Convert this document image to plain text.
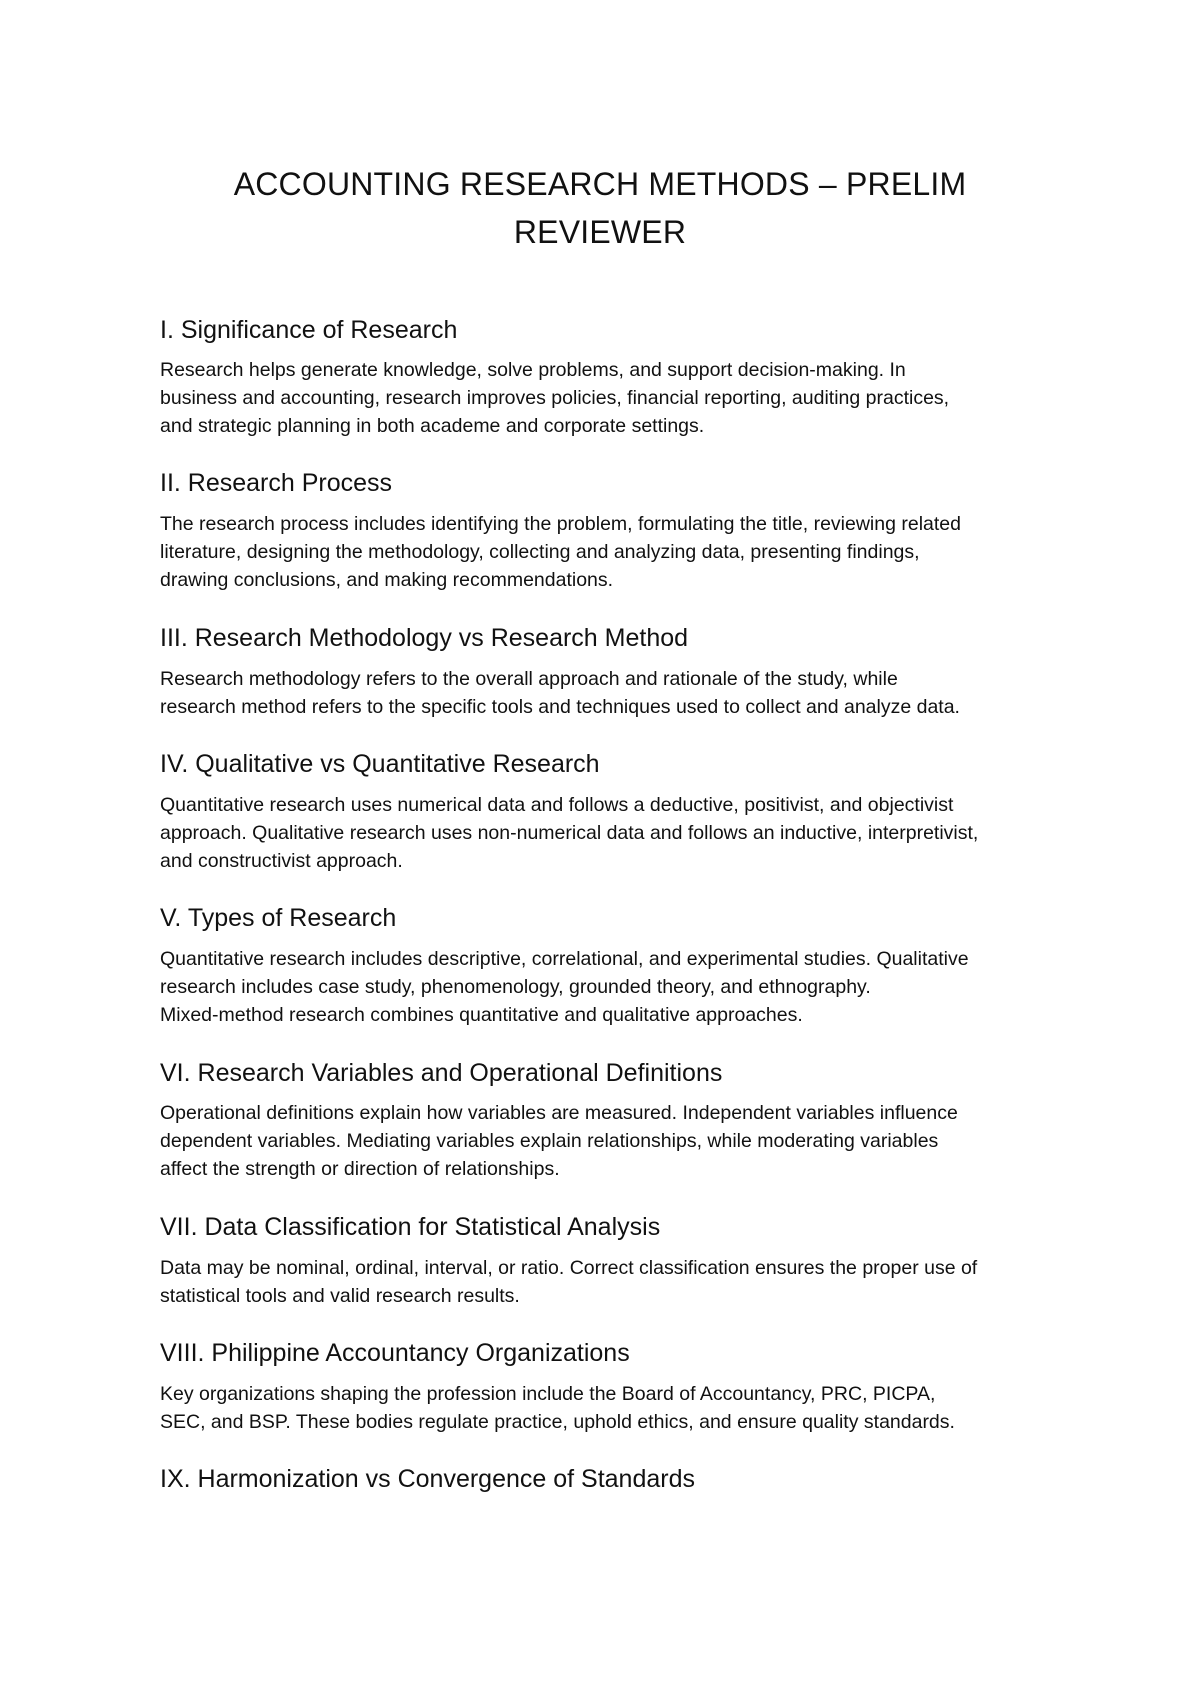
ACCOUNTING RESEARCH METHODS – PRELIM
REVIEWER
I. Significance of Research

Research helps generate knowledge, solve problems, and support decision-making. In
business and accounting, research improves policies, financial reporting, auditing practices,
and strategic planning in both academe and corporate settings.

II. Research Process

The research process includes identifying the problem, formulating the title, reviewing related
literature, designing the methodology, collecting and analyzing data, presenting findings,
drawing conclusions, and making recommendations.

III. Research Methodology vs Research Method

Research methodology refers to the overall approach and rationale of the study, while
research method refers to the specific tools and techniques used to collect and analyze data.

IV. Qualitative vs Quantitative Research

Quantitative research uses numerical data and follows a deductive, positivist, and objectivist
approach. Qualitative research uses non-numerical data and follows an inductive, interpretivist,
and constructivist approach.

V. Types of Research

Quantitative research includes descriptive, correlational, and experimental studies. Qualitative
research includes case study, phenomenology, grounded theory, and ethnography.
Mixed-method research combines quantitative and qualitative approaches.

VI. Research Variables and Operational Definitions

Operational definitions explain how variables are measured. Independent variables influence
dependent variables. Mediating variables explain relationships, while moderating variables
affect the strength or direction of relationships.

VII. Data Classification for Statistical Analysis

Data may be nominal, ordinal, interval, or ratio. Correct classification ensures the proper use of
statistical tools and valid research results.

VIII. Philippine Accountancy Organizations

Key organizations shaping the profession include the Board of Accountancy, PRC, PICPA,
SEC, and BSP. These bodies regulate practice, uphold ethics, and ensure quality standards.

IX. Harmonization vs Convergence of Standards
